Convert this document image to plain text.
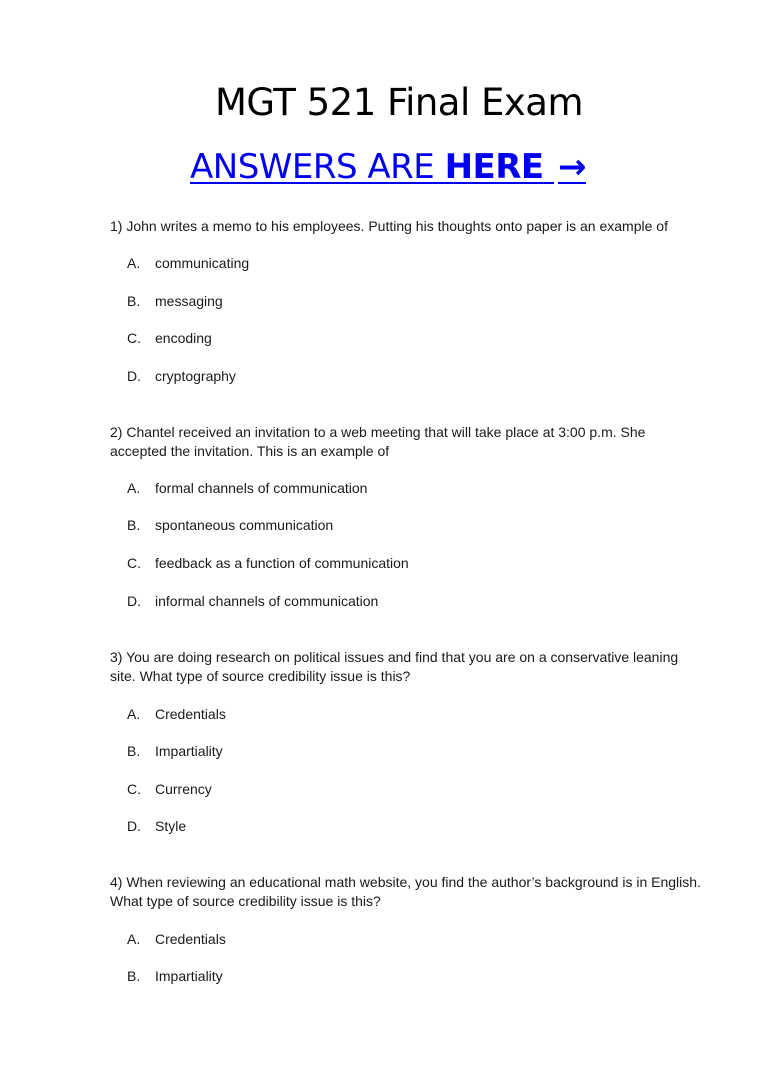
MGT 521 Final Exam
ANSWERS ARE HERE →
1) John writes a memo to his employees. Putting his thoughts onto paper is an example of
A. communicating
B. messaging
C. encoding
D. cryptography
2) Chantel received an invitation to a web meeting that will take place at 3:00 p.m. She accepted the invitation. This is an example of
A. formal channels of communication
B. spontaneous communication
C. feedback as a function of communication
D. informal channels of communication
3) You are doing research on political issues and find that you are on a conservative leaning site. What type of source credibility issue is this?
A. Credentials
B. Impartiality
C. Currency
D. Style
4) When reviewing an educational math website, you find the author’s background is in English. What type of source credibility issue is this?
A. Credentials
B. Impartiality
